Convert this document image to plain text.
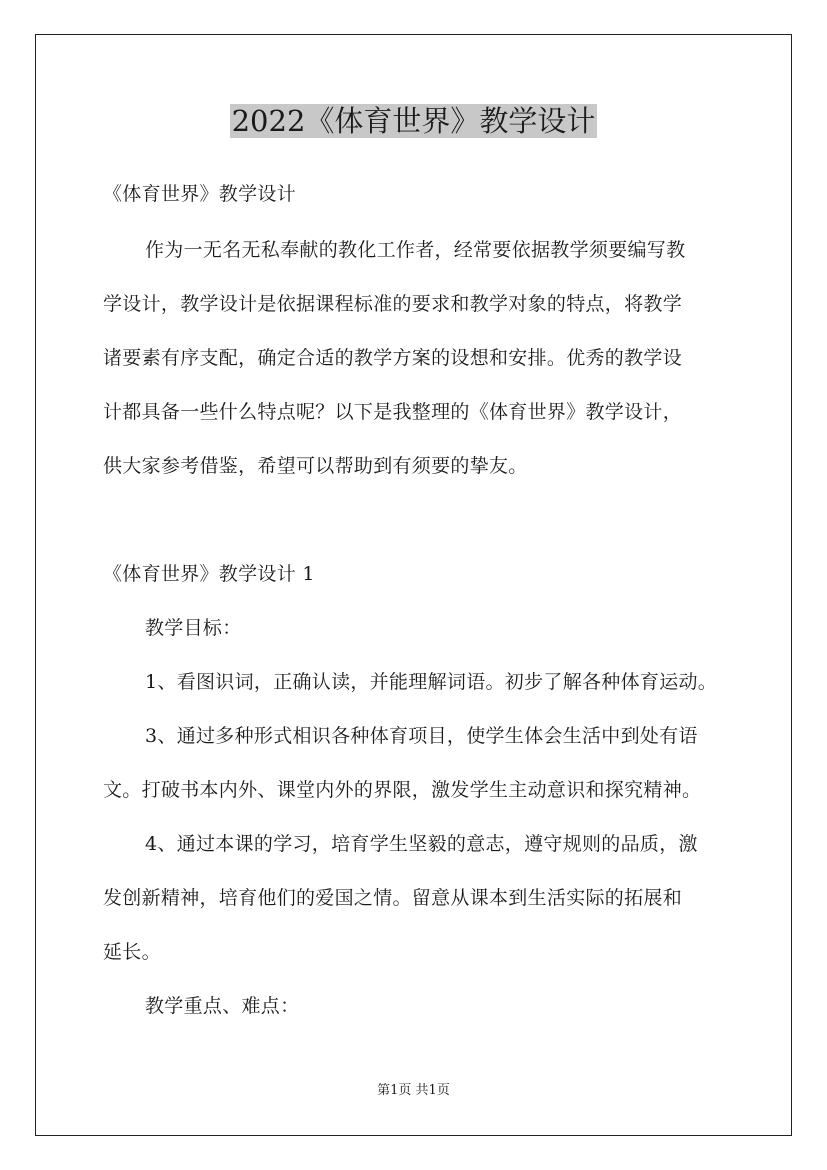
2022《体育世界》教学设计
《体育世界》教学设计
作为一无名无私奉献的教化工作者，经常要依据教学须要编写教
学设计，教学设计是依据课程标准的要求和教学对象的特点，将教学
诸要素有序支配，确定合适的教学方案的设想和安排。优秀的教学设
计都具备一些什么特点呢？以下是我整理的《体育世界》教学设计，
供大家参考借鉴，希望可以帮助到有须要的挚友。
《体育世界》教学设计 1
教学目标：
1、看图识词，正确认读，并能理解词语。初步了解各种体育运动。
3、通过多种形式相识各种体育项目，使学生体会生活中到处有语
文。打破书本内外、课堂内外的界限，激发学生主动意识和探究精神。
4、通过本课的学习，培育学生坚毅的意志，遵守规则的品质，激
发创新精神，培育他们的爱国之情。留意从课本到生活实际的拓展和
延长。
教学重点、难点：
第1页 共1页
